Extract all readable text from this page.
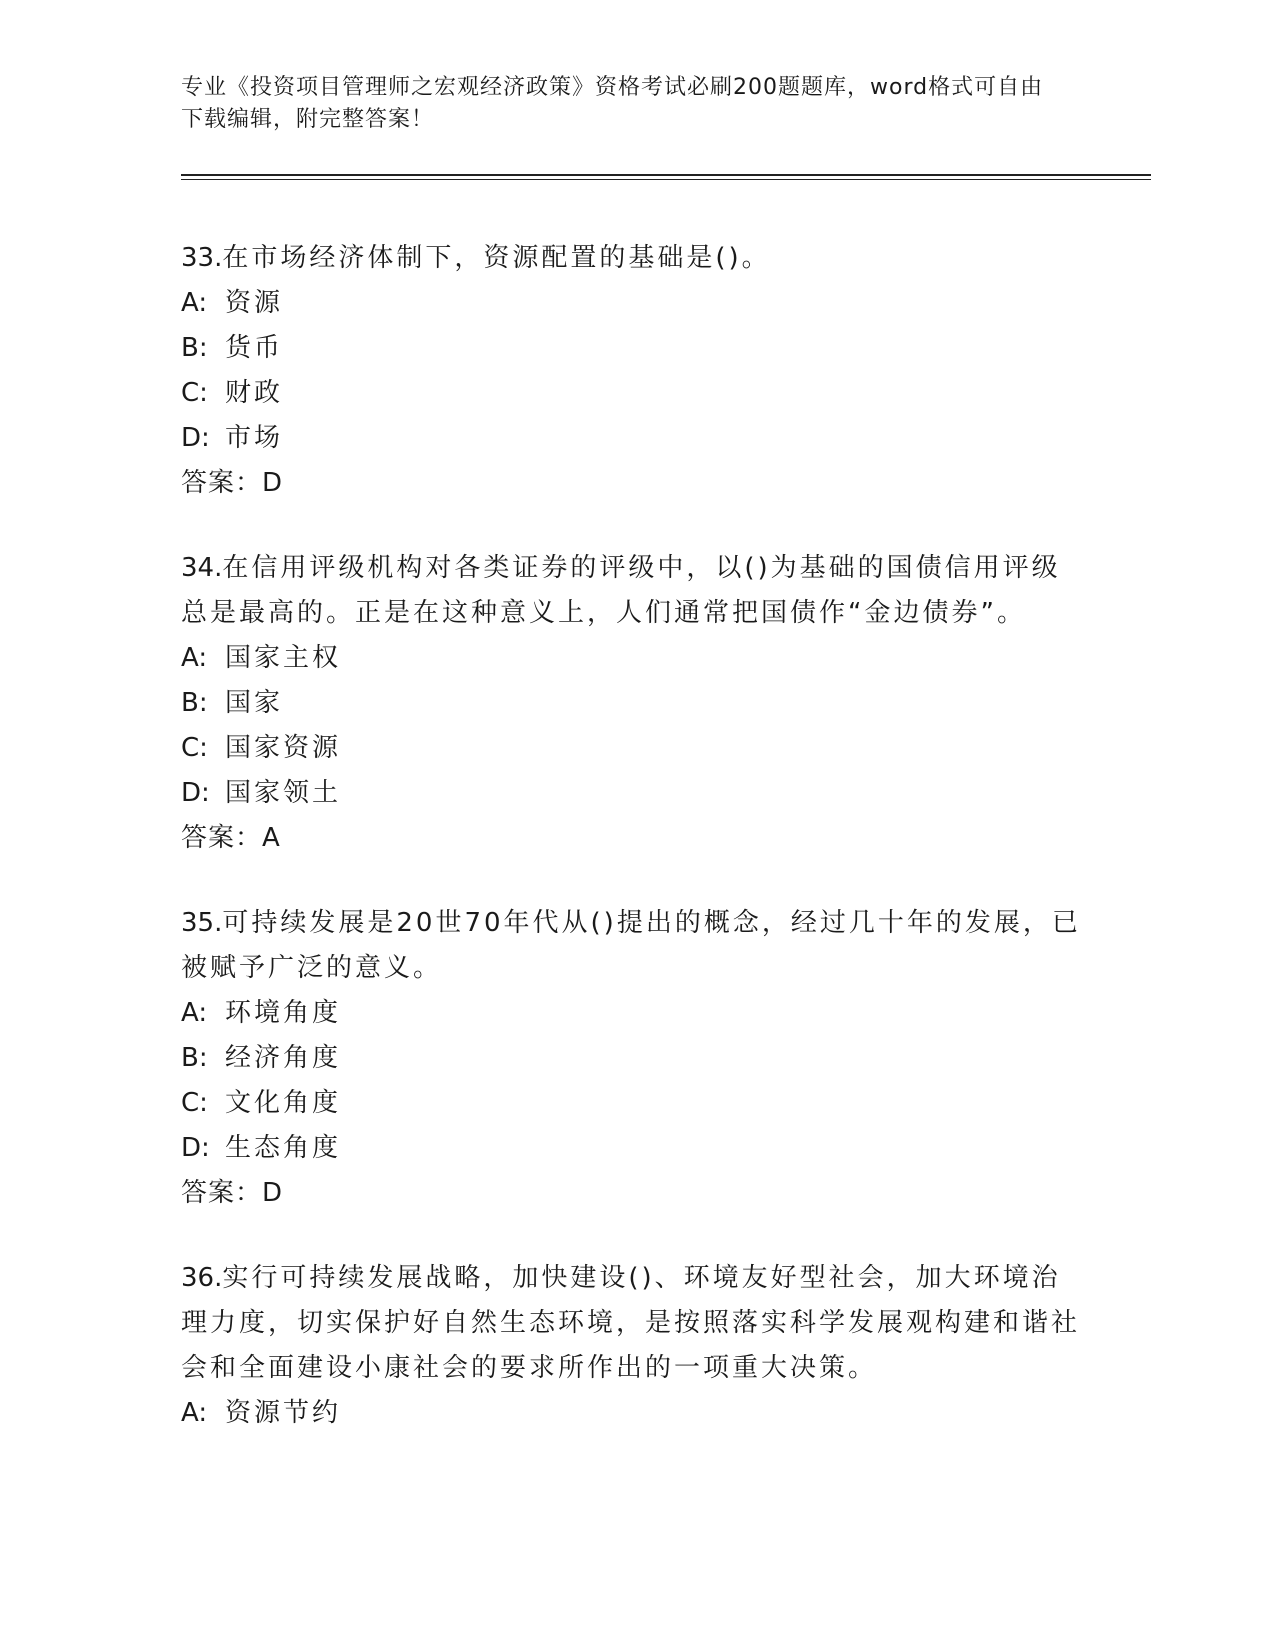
专业《投资项目管理师之宏观经济政策》资格考试必刷200题题库，word格式可自由下载编辑，附完整答案！

33.在市场经济体制下，资源配置的基础是()。

A: 资源

B: 货币

C: 财政

D: 市场

答案：D

34.在信用评级机构对各类证券的评级中，以()为基础的国债信用评级总是最高的。正是在这种意义上，人们通常把国债作“金边债券”。

A: 国家主权

B: 国家

C: 国家资源

D: 国家领土

答案：A

35.可持续发展是20世70年代从()提出的概念，经过几十年的发展，已被赋予广泛的意义。

A: 环境角度

B: 经济角度

C: 文化角度

D: 生态角度

答案：D

36.实行可持续发展战略，加快建设()、环境友好型社会，加大环境治理力度，切实保护好自然生态环境，是按照落实科学发展观构建和谐社会和全面建设小康社会的要求所作出的一项重大决策。

A: 资源节约
